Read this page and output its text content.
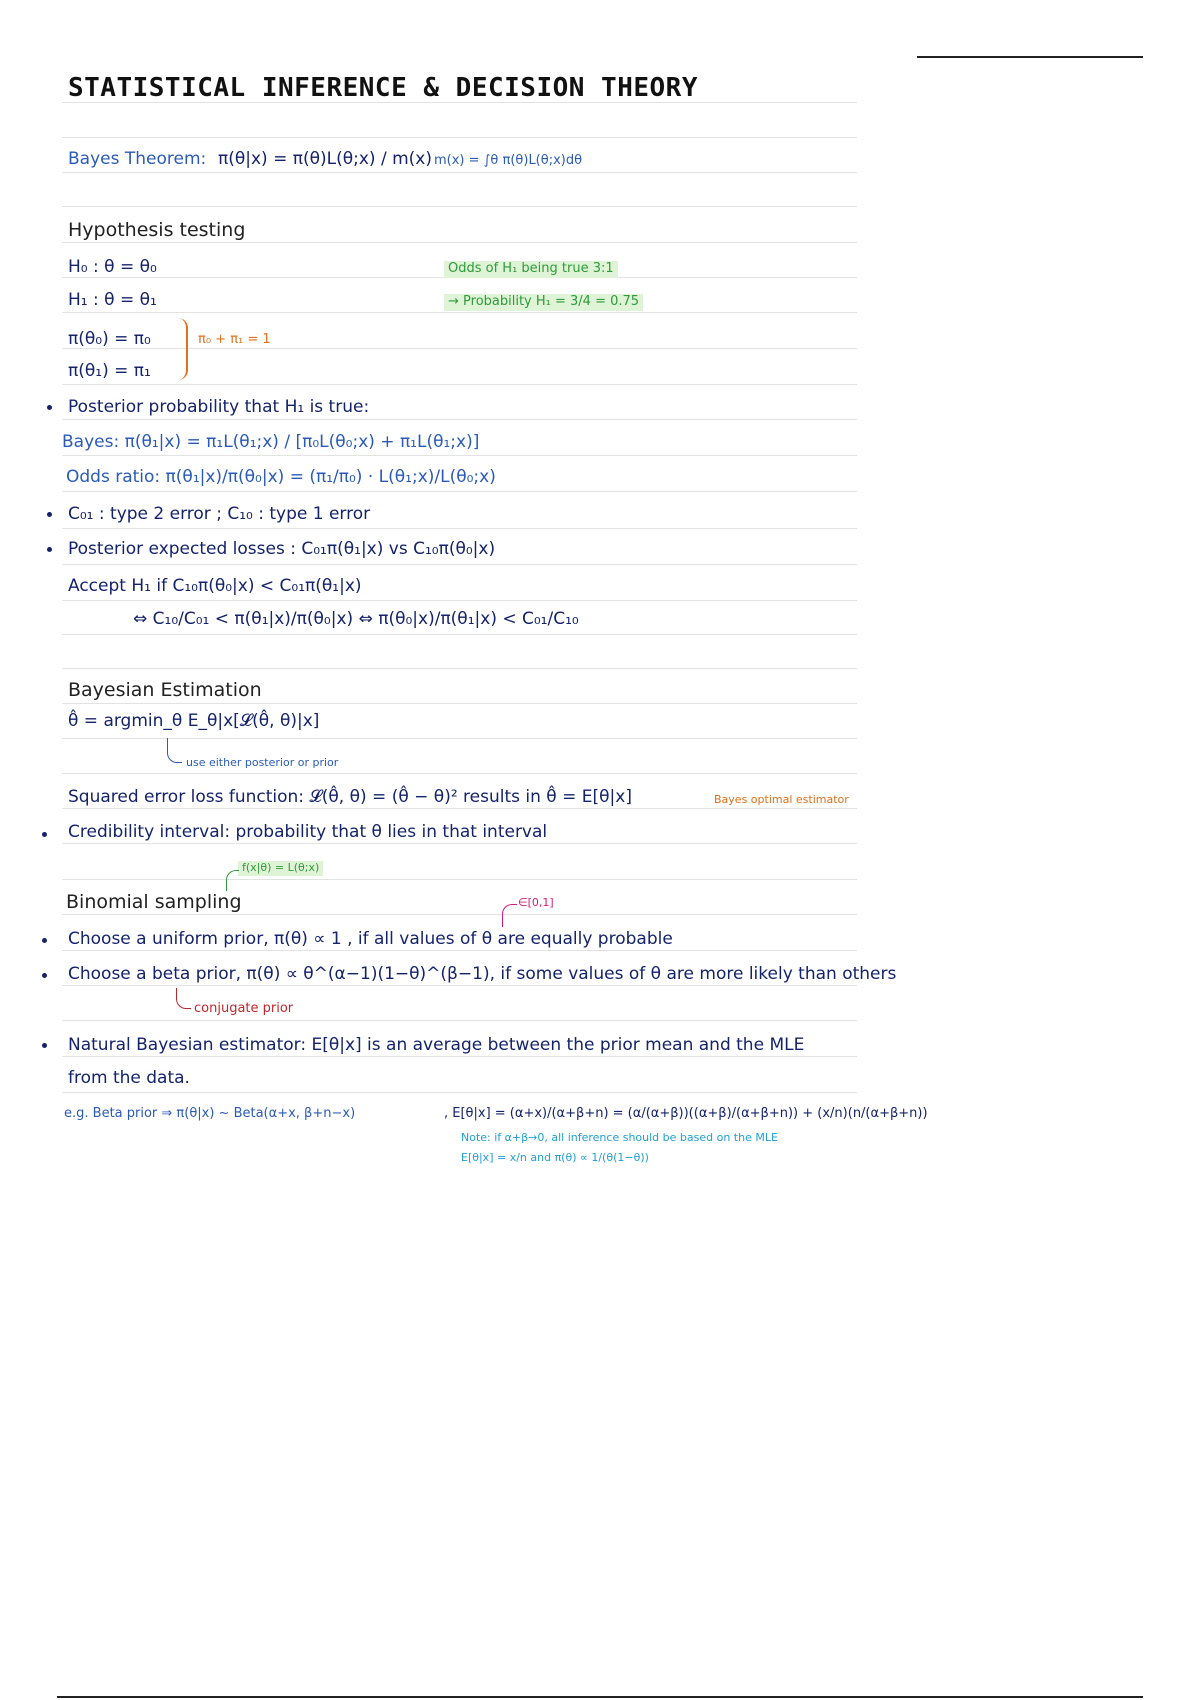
STATISTICAL INFERENCE & DECISION THEORY
Bayes Theorem: π(θ|x) = π(θ)L(θ;x) / m(x) m(x) = ∫θ π(θ)L(θ;x)dθ
Hypothesis testing
H₀ : θ = θ₀
H₁ : θ = θ₁
Odds of H₁ being true 3:1
→ Probability H₁ = 3/4 = 0.75
π(θ₀) = π₀
π(θ₁) = π₁
π₀ + π₁ = 1
Posterior probability that H₁ is true:
Bayes: π(θ₁|x) = π₁L(θ₁;x) / [π₀L(θ₀;x) + π₁L(θ₁;x)]
Odds ratio: π(θ₁|x)/π(θ₀|x) = (π₁/π₀) · L(θ₁;x)/L(θ₀;x)
C₀₁ : type 2 error ; C₁₀ : type 1 error
Posterior expected losses : C₀₁π(θ₁|x) vs C₁₀π(θ₀|x)
Accept H₁ if C₁₀π(θ₀|x) < C₀₁π(θ₁|x)
⇔ C₁₀/C₀₁ < π(θ₁|x)/π(θ₀|x) ⇔ π(θ₀|x)/π(θ₁|x) < C₀₁/C₁₀
Bayesian Estimation
θ̂ = argmin_θ E_θ|x[𝓛(θ̂, θ)|x]
use either posterior or prior
Squared error loss function: 𝓛(θ̂, θ) = (θ̂ − θ)² results in θ̂ = E[θ|x]	Bayes optimal estimator
Credibility interval: probability that θ lies in that interval
f(x|θ) = L(θ;x)
Binomial sampling	∈[0,1]
Choose a uniform prior, π(θ) ∝ 1 , if all values of θ are equally probable
Choose a beta prior, π(θ) ∝ θ^(α−1)(1−θ)^(β−1), if some values of θ are more likely than others
conjugate prior
Natural Bayesian estimator: E[θ|x] is an average between the prior mean and the MLE
from the data.
e.g. Beta prior ⇒ π(θ|x) ~ Beta(α+x, β+n−x)	, E[θ|x] = (α+x)/(α+β+n) = (α/(α+β))((α+β)/(α+β+n)) + (x/n)(n/(α+β+n))
Note: if α+β→0, all inference should be based on the MLE
E[θ|x] = x/n and π(θ) ∝ 1/(θ(1−θ))
